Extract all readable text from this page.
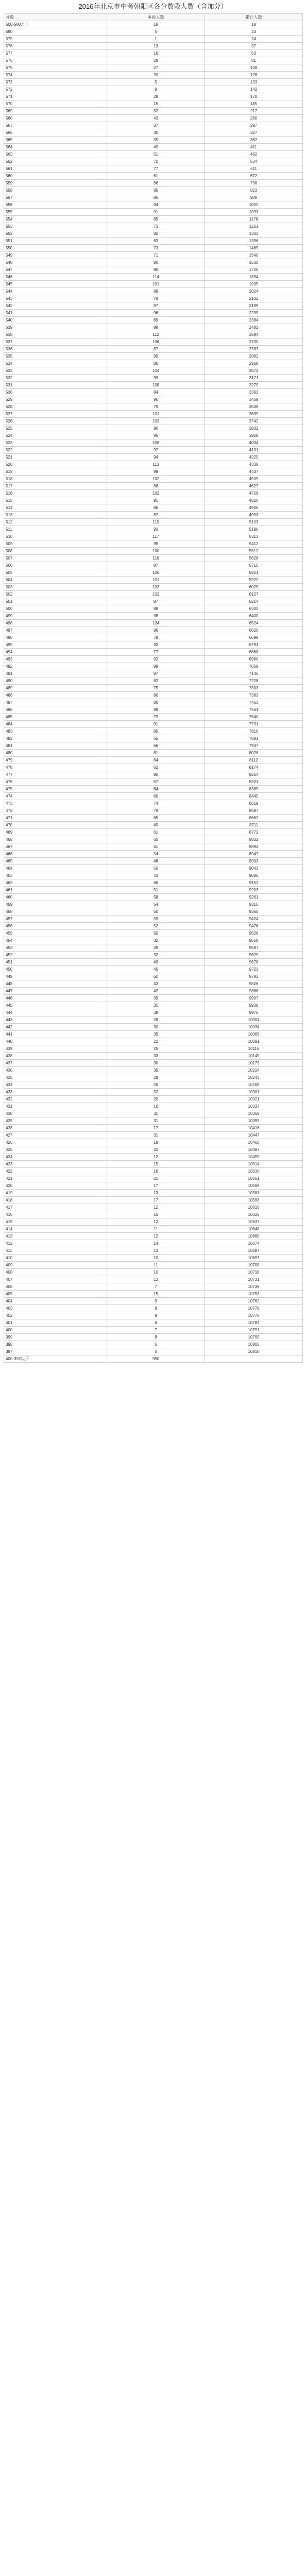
2016年北京市中考朝阳区各分数段人数（含加分）
分数	本段人数	累计人数
600-580之上	18	18
580	5	23
579	1	24
578	13	37
577	16	53
576	28	81
575	27	108
574	20	128
573	5	133
572	9	142
571	28	170
570	15	185
569	32	217
568	43	260
567	37	297
566	30	327
565	35	362
564	49	411
563	51	462
562	72	534
561	77	611
560	61	672
559	66	738
558	85	823
557	85	908
556	94	1002
555	91	1093
554	85	1178
553	73	1251
552	82	1333
551	63	1396
550	73	1469
549	71	1540
548	90	1630
547	90	1720
546	114	1834
545	101	1935
544	89	2024
543	78	2102
542	97	2199
541	96	2295
540	89	2384
539	98	2482
538	112	2594
537	106	2700
536	87	2787
535	95	2882
534	86	2968
533	104	3072
532	99	3171
531	108	3279
530	84	3363
529	96	3459
528	79	3538
527	101	3639
526	103	3742
525	90	3832
524	96	3928
523	106	4034
522	97	4131
521	94	4225
520	113	4338
519	99	4437
518	102	4539
517	88	4627
516	102	4729
515	91	4820
514	86	4906
513	87	4993
512	110	5103
511	93	5196
510	117	5313
509	99	5412
508	100	5512
507	116	5628
506	87	5715
505	106	5821
504	101	5922
503	103	6025
502	102	6127
501	87	6214
500	88	6302
499	98	6400
498	124	6524
497	96	6620
496	79	6699
495	92	6791
494	77	6868
493	92	6960
492	99	7059
491	87	7146
490	82	7228
489	75	7303
488	80	7383
487	80	7463
486	98	7561
485	79	7640
484	91	7731
483	85	7816
482	65	7881
481	66	7947
480	81	8028
479	84	8112
478	62	8174
477	90	8264
476	57	8321
475	64	8385
474	60	8445
473	74	8519
472	78	8597
471	65	8662
470	49	8711
469	61	8772
468	60	8832
467	61	8893
466	54	8947
465	46	8993
464	50	9043
463	43	9086
462	66	9152
461	51	9203
460	58	9261
459	54	9315
458	50	9365
457	59	9424
456	52	9476
455	50	9526
454	32	9558
453	39	9597
452	32	9629
451	49	9678
450	45	9723
449	60	9783
448	43	9826
447	42	9868
446	39	9907
445	31	9938
444	38	9976
443	28	10004
442	30	10034
441	35	10069
440	22	10091
439	25	10116
438	33	10149
437	30	10179
436	35	10214
435	29	10243
434	26	10269
433	32	10301
432	20	10321
431	16	10337
430	31	10368
429	31	10399
428	17	10416
427	31	10447
426	18	10465
425	22	10487
424	12	10499
423	15	10514
422	16	10530
421	21	10551
420	17	10568
419	13	10581
418	17	10598
417	12	10610
416	15	10625
415	12	10637
414	11	10648
413	12	10660
412	14	10674
411	13	10687
410	10	10697
409	11	10708
408	10	10718
407	13	10731
406	7	10738
405	15	10753
404	9	10762
403	8	10770
402	8	10778
401	6	10784
400	7	10791
399	8	10799
398	6	10805
397	5	10810
400-392以下	950	
